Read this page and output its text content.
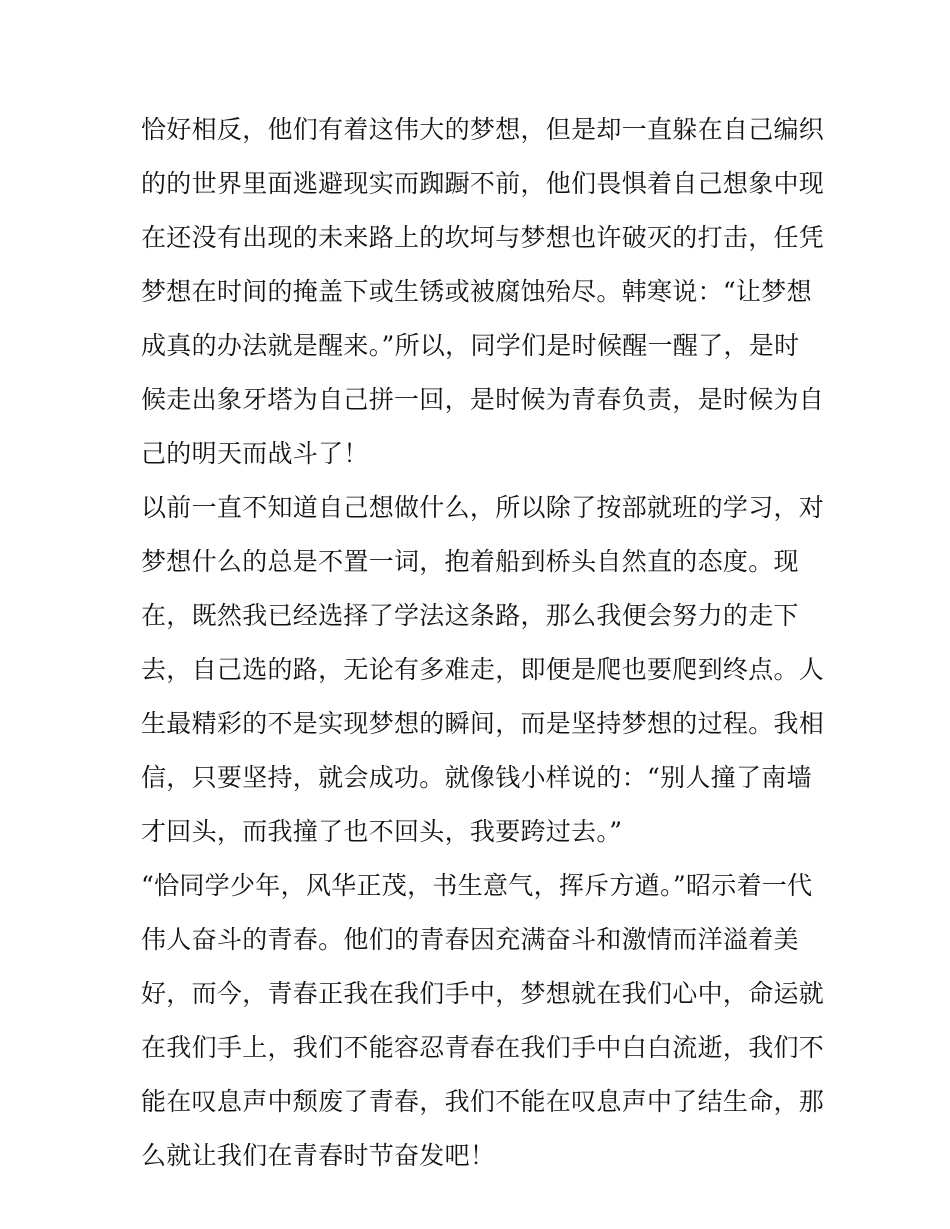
恰好相反，他们有着这伟大的梦想，但是却一直躲在自己编织
的的世界里面逃避现实而踟蹰不前，他们畏惧着自己想象中现
在还没有出现的未来路上的坎坷与梦想也许破灭的打击，任凭
梦想在时间的掩盖下或生锈或被腐蚀殆尽。韩寒说：“让梦想
成真的办法就是醒来。”所以，同学们是时候醒一醒了，是时
候走出象牙塔为自己拼一回，是时候为青春负责，是时候为自
己的明天而战斗了！
以前一直不知道自己想做什么，所以除了按部就班的学习，对
梦想什么的总是不置一词，抱着船到桥头自然直的态度。现
在，既然我已经选择了学法这条路，那么我便会努力的走下
去，自己选的路，无论有多难走，即便是爬也要爬到终点。人
生最精彩的不是实现梦想的瞬间，而是坚持梦想的过程。我相
信，只要坚持，就会成功。就像钱小样说的：“别人撞了南墙
才回头，而我撞了也不回头，我要跨过去。”
“恰同学少年，风华正茂，书生意气，挥斥方遒。”昭示着一代
伟人奋斗的青春。他们的青春因充满奋斗和激情而洋溢着美
好，而今，青春正我在我们手中，梦想就在我们心中，命运就
在我们手上，我们不能容忍青春在我们手中白白流逝，我们不
能在叹息声中颓废了青春，我们不能在叹息声中了结生命，那
么就让我们在青春时节奋发吧！
